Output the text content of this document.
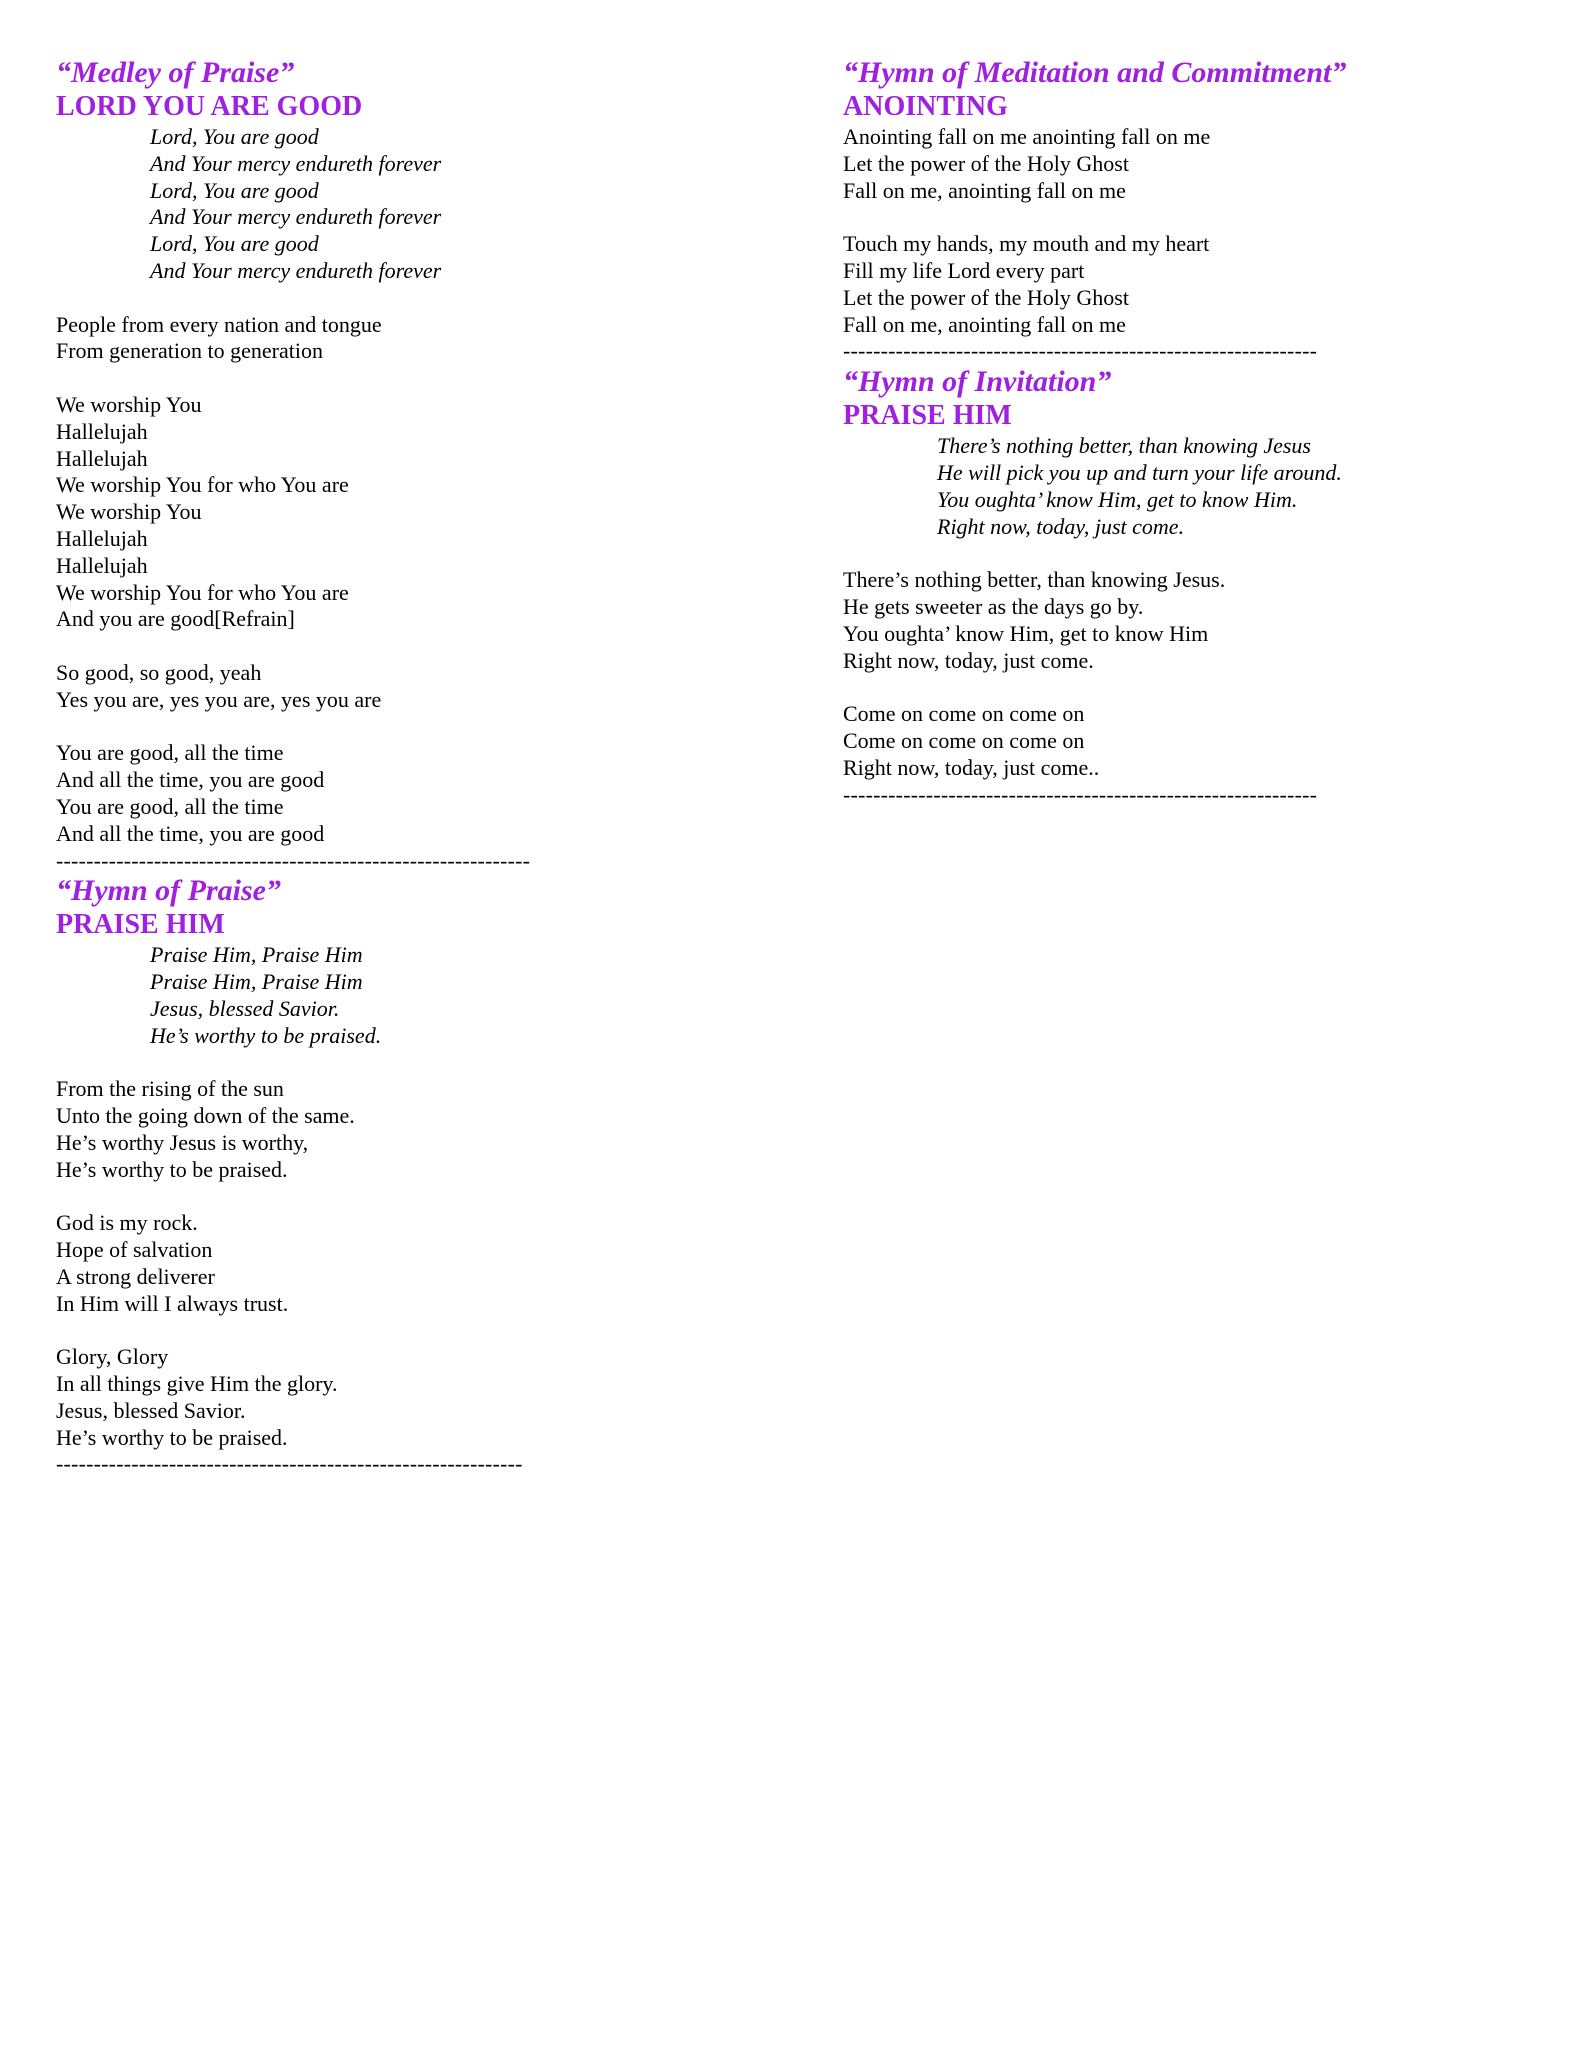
“Medley of Praise”

LORD YOU ARE GOOD

Lord, You are good

And Your mercy endureth forever

Lord, You are good

And Your mercy endureth forever

Lord, You are good

And Your mercy endureth forever

People from every nation and tongue

From generation to generation

We worship You

Hallelujah

Hallelujah

We worship You for who You are

We worship You

Hallelujah

Hallelujah

We worship You for who You are

And you are good[Refrain]

So good, so good, yeah

Yes you are, yes you are, yes you are

You are good, all the time

And all the time, you are good

You are good, all the time

And all the time, you are good

---------------------------------------------------------------

“Hymn of Praise”

PRAISE HIM

Praise Him, Praise Him

Praise Him, Praise Him

Jesus, blessed Savior.

He’s worthy to be praised.

From the rising of the sun

Unto the going down of the same.

He’s worthy Jesus is worthy,

He’s worthy to be praised.

God is my rock.

Hope of salvation

A strong deliverer

In Him will I always trust.

Glory, Glory

In all things give Him the glory.

Jesus, blessed Savior.

He’s worthy to be praised.

--------------------------------------------------------------

“Hymn of Meditation and Commitment”

ANOINTING

Anointing fall on me anointing fall on me

Let the power of the Holy Ghost

Fall on me, anointing fall on me

Touch my hands, my mouth and my heart

Fill my life Lord every part

Let the power of the Holy Ghost

Fall on me, anointing fall on me

---------------------------------------------------------------

“Hymn of Invitation”

PRAISE HIM

There’s nothing better, than knowing Jesus

He will pick you up and turn your life around.

You oughta’ know Him, get to know Him.

Right now, today, just come.

There’s nothing better, than knowing Jesus.

He gets sweeter as the days go by.

You oughta’ know Him, get to know Him

Right now, today, just come.

Come on come on come on

Come on come on come on

Right now, today, just come..

---------------------------------------------------------------
